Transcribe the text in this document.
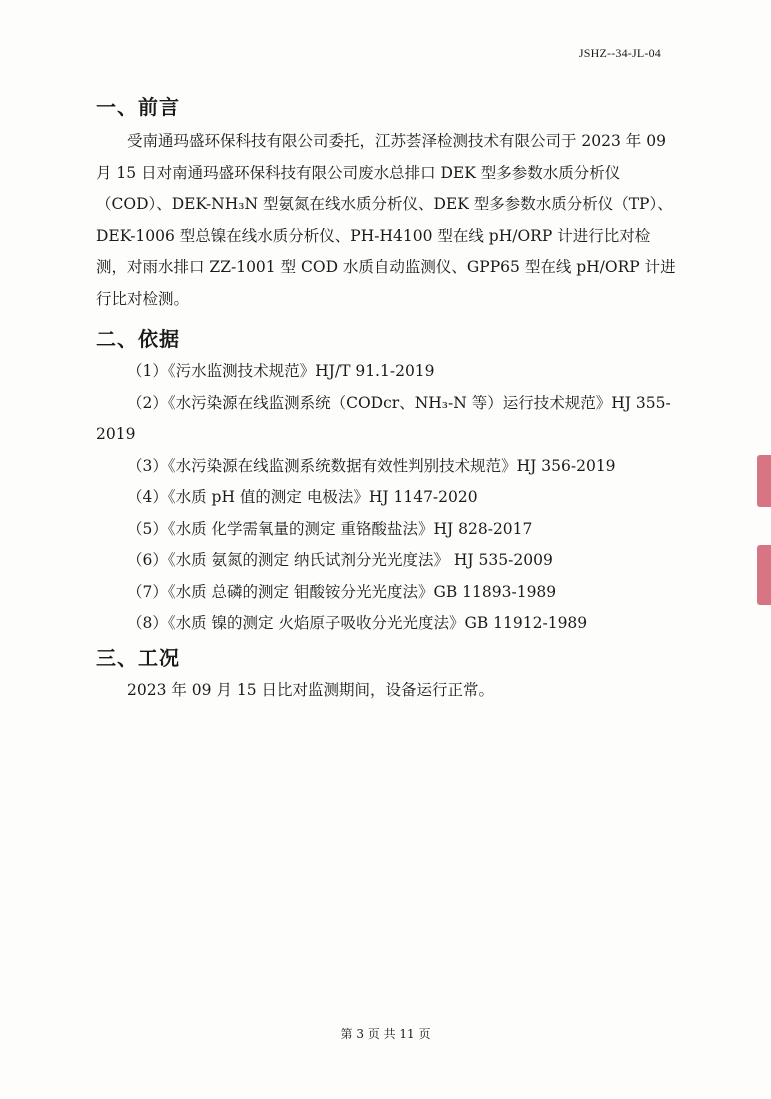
JSHZ--34-JL-04
一、前言

受南通玛盛环保科技有限公司委托，江苏荟泽检测技术有限公司于 2023 年 09 月 15 日对南通玛盛环保科技有限公司废水总排口 DEK 型多参数水质分析仪（COD）、DEK-NH₃N 型氨氮在线水质分析仪、DEK 型多参数水质分析仪（TP）、DEK-1006 型总镍在线水质分析仪、PH-H4100 型在线 pH/ORP 计进行比对检测，对雨水排口 ZZ-1001 型 COD 水质自动监测仪、GPP65 型在线 pH/ORP 计进行比对检测。

二、依据
（1）《污水监测技术规范》HJ/T 91.1-2019
（2）《水污染源在线监测系统（CODcr、NH₃-N 等）运行技术规范》HJ 355-2019
（3）《水污染源在线监测系统数据有效性判别技术规范》HJ 356-2019
（4）《水质 pH 值的测定 电极法》HJ 1147-2020
（5）《水质 化学需氧量的测定 重铬酸盐法》HJ 828-2017
（6）《水质 氨氮的测定 纳氏试剂分光光度法》 HJ 535-2009
（7）《水质 总磷的测定 钼酸铵分光光度法》GB 11893-1989
（8）《水质 镍的测定 火焰原子吸收分光光度法》GB 11912-1989
三、工况

2023 年 09 月 15 日比对监测期间，设备运行正常。

第 3 页 共 11 页
